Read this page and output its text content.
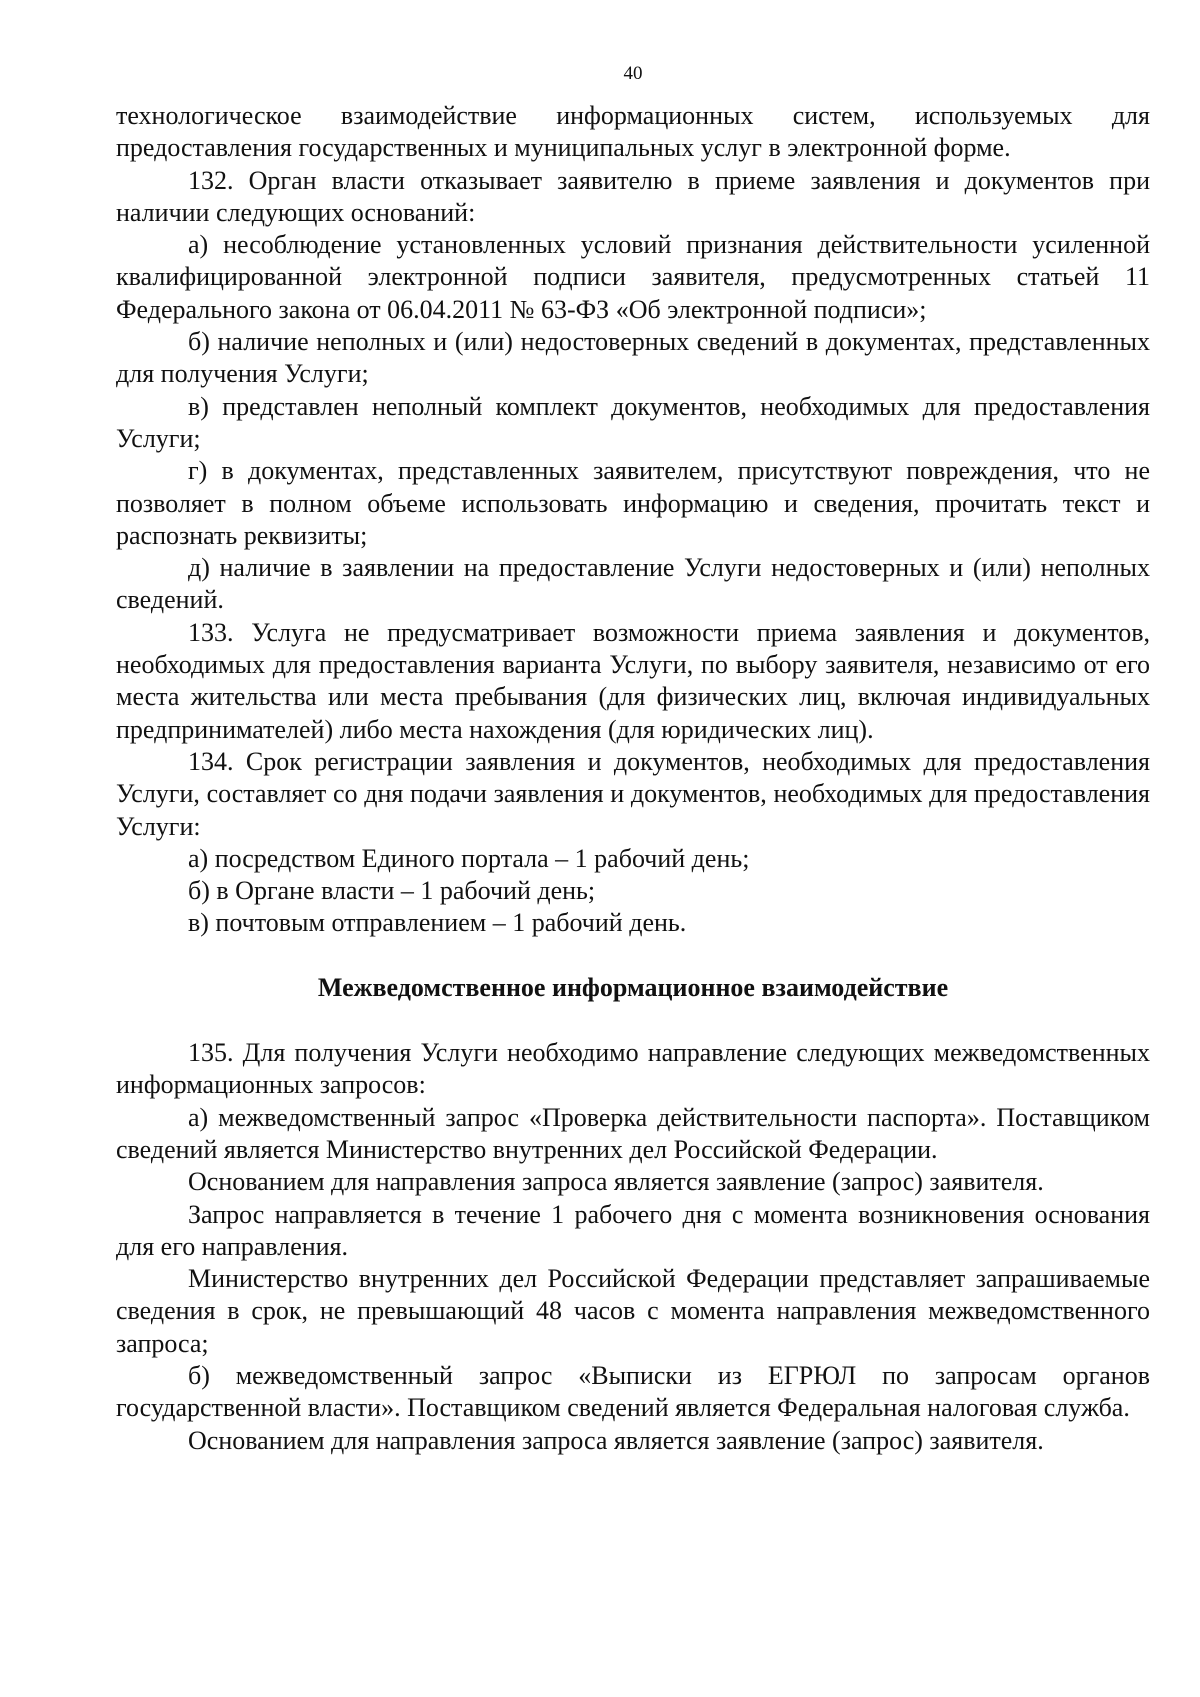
40

технологическое взаимодействие информационных систем, используемых для предоставления государственных и муниципальных услуг в электронной форме.

132. Орган власти отказывает заявителю в приеме заявления и документов при наличии следующих оснований:

а) несоблюдение установленных условий признания действительности усиленной квалифицированной электронной подписи заявителя, предусмотренных статьей 11 Федерального закона от 06.04.2011 № 63-ФЗ «Об электронной подписи»;

б) наличие неполных и (или) недостоверных сведений в документах, представленных для получения Услуги;

в) представлен неполный комплект документов, необходимых для предоставления Услуги;

г) в документах, представленных заявителем, присутствуют повреждения, что не позволяет в полном объеме использовать информацию и сведения, прочитать текст и распознать реквизиты;

д) наличие в заявлении на предоставление Услуги недостоверных и (или) неполных сведений.

133. Услуга не предусматривает возможности приема заявления и документов, необходимых для предоставления варианта Услуги, по выбору заявителя, независимо от его места жительства или места пребывания (для физических лиц, включая индивидуальных предпринимателей) либо места нахождения (для юридических лиц).

134. Срок регистрации заявления и документов, необходимых для предоставления Услуги, составляет со дня подачи заявления и документов, необходимых для предоставления Услуги:

а) посредством Единого портала – 1 рабочий день;

б) в Органе власти – 1 рабочий день;

в) почтовым отправлением – 1 рабочий день.

Межведомственное информационное взаимодействие

135. Для получения Услуги необходимо направление следующих межведомственных информационных запросов:

а) межведомственный запрос «Проверка действительности паспорта». Поставщиком сведений является Министерство внутренних дел Российской Федерации.

Основанием для направления запроса является заявление (запрос) заявителя.

Запрос направляется в течение 1 рабочего дня с момента возникновения основания для его направления.

Министерство внутренних дел Российской Федерации представляет запрашиваемые сведения в срок, не превышающий 48 часов с момента направления межведомственного запроса;

б) межведомственный запрос «Выписки из ЕГРЮЛ по запросам органов государственной власти». Поставщиком сведений является Федеральная налоговая служба.

Основанием для направления запроса является заявление (запрос) заявителя.
